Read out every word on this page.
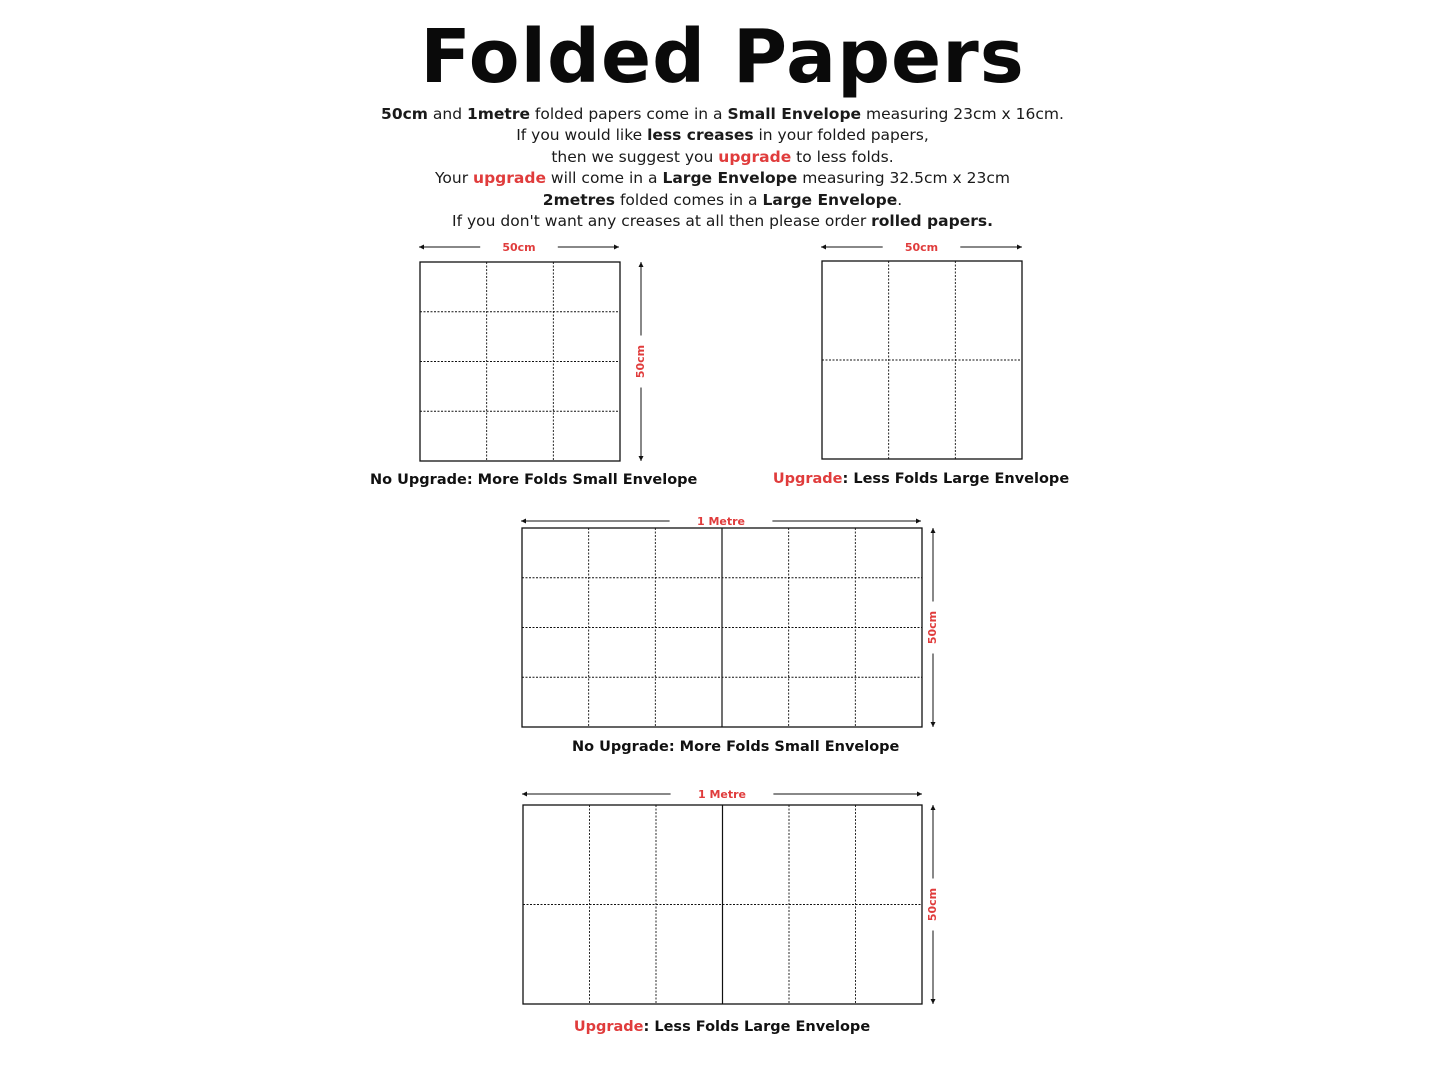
Folded Papers
50cm and 1metre folded papers come in a Small Envelope measuring 23cm x 16cm.
If you would like less creases in your folded papers,
then we suggest you upgrade to less folds.
Your upgrade will come in a Large Envelope measuring 32.5cm x 23cm
2metres folded comes in a Large Envelope.
If you don't want any creases at all then please order rolled papers.
50cm
50cm
No Upgrade: More Folds Small Envelope
50cm
Upgrade: Less Folds Large Envelope
1 Metre
50cm
No Upgrade: More Folds Small Envelope
1 Metre
50cm
Upgrade: Less Folds Large Envelope
